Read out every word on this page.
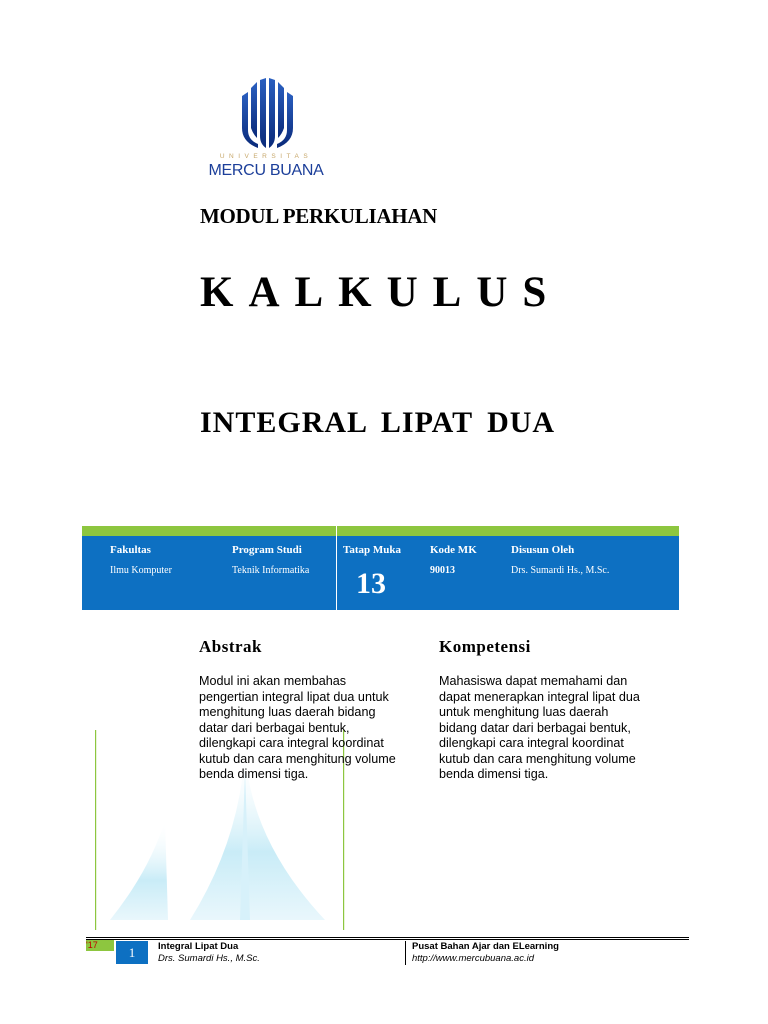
UNIVERSITAS
MERCU BUANA
MODUL PERKULIAHAN
KALKULUS
INTEGRAL LIPAT DUA
Fakultas
Ilmu Komputer
Program Studi
Teknik Informatika
Tatap Muka
13
Kode MK
90013
Disusun Oleh
Drs. Sumardi Hs., M.Sc.
Abstrak
Modul ini akan membahas
pengertian integral lipat dua untuk
menghitung luas daerah bidang
datar dari berbagai bentuk,
dilengkapi cara integral koordinat
kutub dan cara menghitung volume
benda dimensi tiga.
Kompetensi
Mahasiswa dapat memahami dan
dapat menerapkan integral lipat dua
untuk menghitung luas daerah
bidang datar dari berbagai bentuk,
dilengkapi cara integral koordinat
kutub dan cara menghitung volume
benda dimensi tiga.
'17	1	Integral Lipat Dua
Drs. Sumardi Hs., M.Sc.
Pusat Bahan Ajar dan ELearning
http://www.mercubuana.ac.id
